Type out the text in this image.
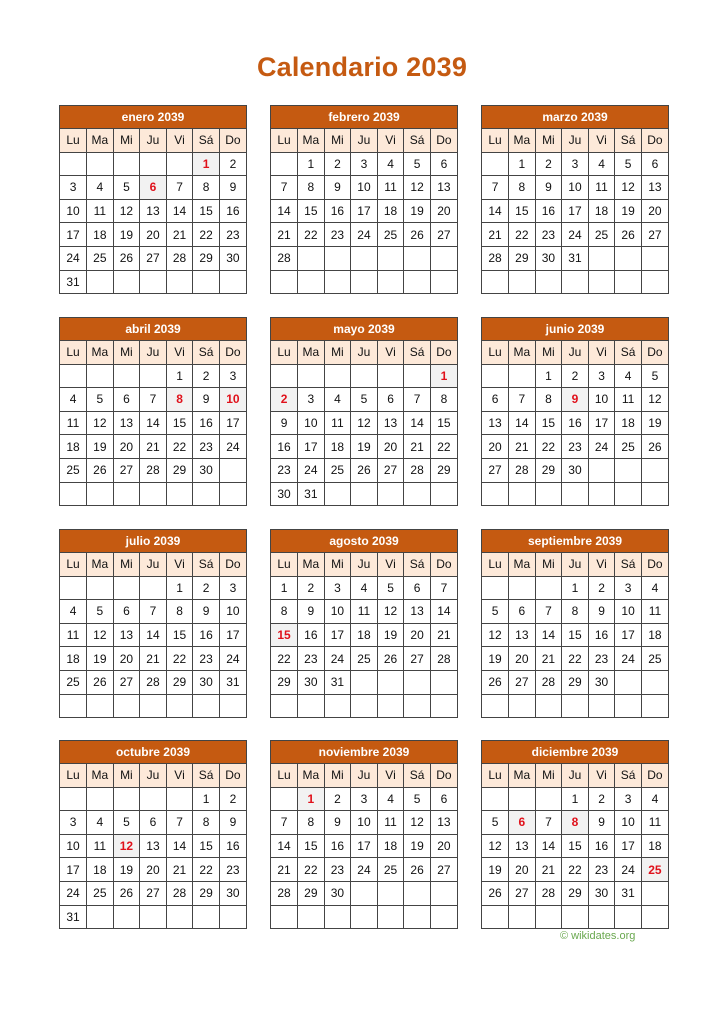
Calendario 2039
enero 2039
Lu	Ma	Mi	Ju	Vi	Sá	Do
					1	2
3	4	5	6	7	8	9
10	11	12	13	14	15	16
17	18	19	20	21	22	23
24	25	26	27	28	29	30
31						
febrero 2039
Lu	Ma	Mi	Ju	Vi	Sá	Do
	1	2	3	4	5	6
7	8	9	10	11	12	13
14	15	16	17	18	19	20
21	22	23	24	25	26	27
28						

marzo 2039
Lu	Ma	Mi	Ju	Vi	Sá	Do
	1	2	3	4	5	6
7	8	9	10	11	12	13
14	15	16	17	18	19	20
21	22	23	24	25	26	27
28	29	30	31			

abril 2039
Lu	Ma	Mi	Ju	Vi	Sá	Do
				1	2	3
4	5	6	7	8	9	10
11	12	13	14	15	16	17
18	19	20	21	22	23	24
25	26	27	28	29	30	

mayo 2039
Lu	Ma	Mi	Ju	Vi	Sá	Do
						1
2	3	4	5	6	7	8
9	10	11	12	13	14	15
16	17	18	19	20	21	22
23	24	25	26	27	28	29
30	31					
junio 2039
Lu	Ma	Mi	Ju	Vi	Sá	Do
		1	2	3	4	5
6	7	8	9	10	11	12
13	14	15	16	17	18	19
20	21	22	23	24	25	26
27	28	29	30			

julio 2039
Lu	Ma	Mi	Ju	Vi	Sá	Do
				1	2	3
4	5	6	7	8	9	10
11	12	13	14	15	16	17
18	19	20	21	22	23	24
25	26	27	28	29	30	31

agosto 2039
Lu	Ma	Mi	Ju	Vi	Sá	Do
1	2	3	4	5	6	7
8	9	10	11	12	13	14
15	16	17	18	19	20	21
22	23	24	25	26	27	28
29	30	31				

septiembre 2039
Lu	Ma	Mi	Ju	Vi	Sá	Do
			1	2	3	4
5	6	7	8	9	10	11
12	13	14	15	16	17	18
19	20	21	22	23	24	25
26	27	28	29	30		

octubre 2039
Lu	Ma	Mi	Ju	Vi	Sá	Do
					1	2
3	4	5	6	7	8	9
10	11	12	13	14	15	16
17	18	19	20	21	22	23
24	25	26	27	28	29	30
31						
noviembre 2039
Lu	Ma	Mi	Ju	Vi	Sá	Do
	1	2	3	4	5	6
7	8	9	10	11	12	13
14	15	16	17	18	19	20
21	22	23	24	25	26	27
28	29	30				

diciembre 2039
Lu	Ma	Mi	Ju	Vi	Sá	Do
			1	2	3	4
5	6	7	8	9	10	11
12	13	14	15	16	17	18
19	20	21	22	23	24	25
26	27	28	29	30	31	

© wikidates.org
